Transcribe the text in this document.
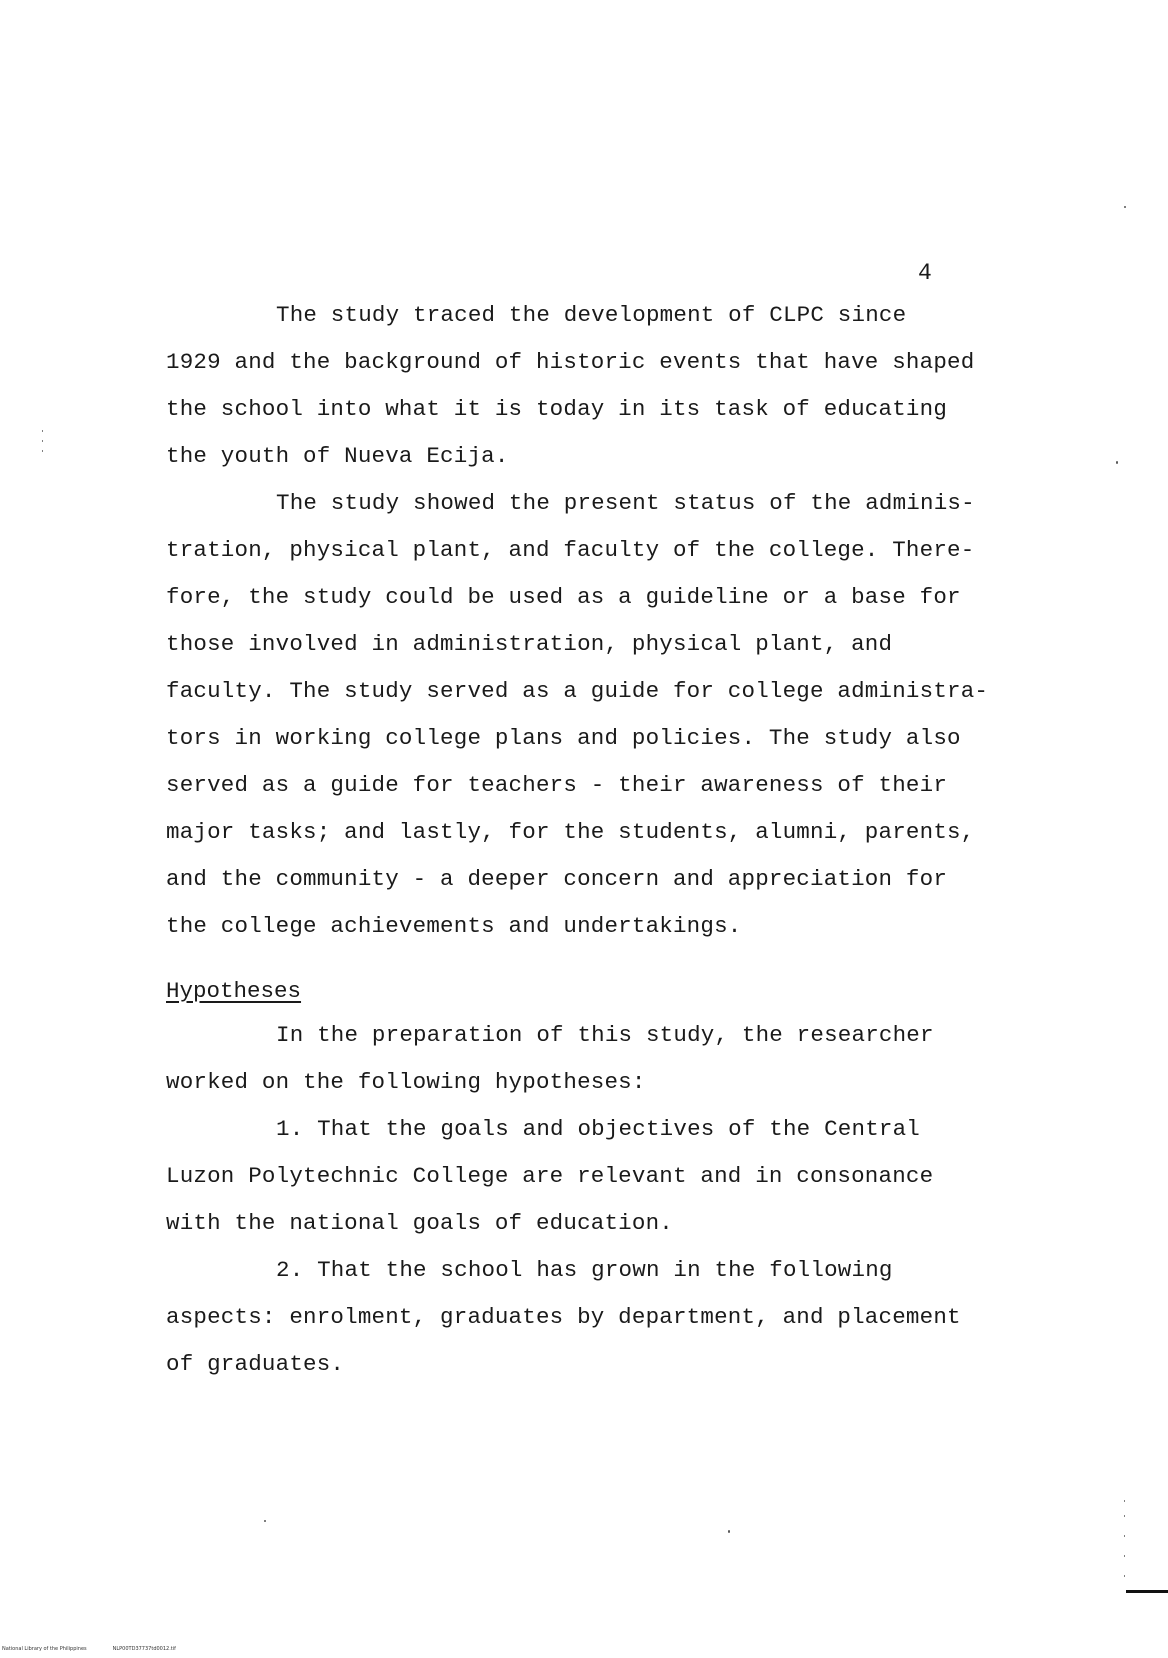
4
The study traced the development of CLPC since
1929 and the background of historic events that have shaped
the school into what it is today in its task of educating
the youth of Nueva Ecija.
The study showed the present status of the adminis-
tration, physical plant, and faculty of the college. There-
fore, the study could be used as a guideline or a base for
those involved in administration, physical plant, and
faculty. The study served as a guide for college administra-
tors in working college plans and policies. The study also
served as a guide for teachers - their awareness of their
major tasks; and lastly, for the students, alumni, parents,
and the community - a deeper concern and appreciation for
the college achievements and undertakings.
Hypotheses
In the preparation of this study, the researcher
worked on the following hypotheses:
1. That the goals and objectives of the Central
Luzon Polytechnic College are relevant and in consonance
with the national goals of education.
2. That the school has grown in the following
aspects: enrolment, graduates by department, and placement
of graduates.
National Library of the Philippines	NLP00TD37737td0012.tif
